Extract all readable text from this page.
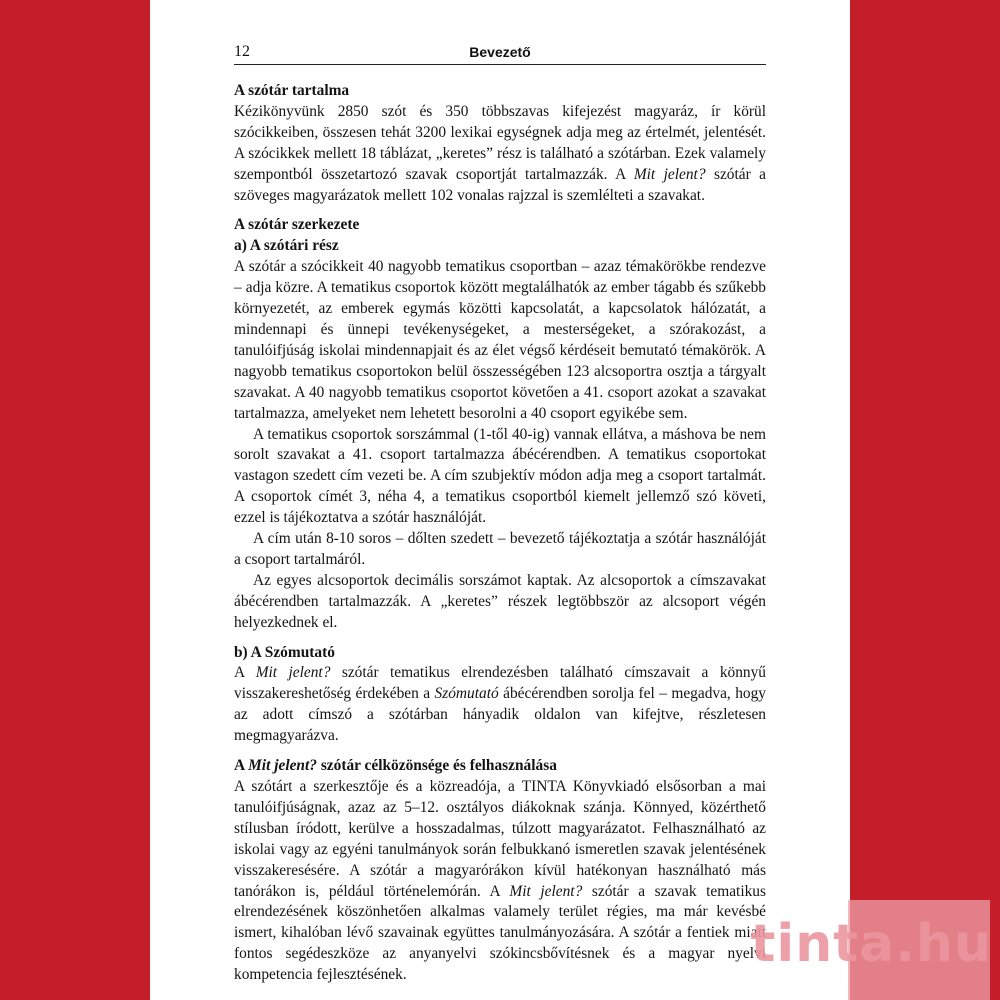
12	Bevezető

A szótár tartalma

Kézikönyvünk 2850 szót és 350 többszavas kifejezést magyaráz, ír körül szócikkeiben, összesen tehát 3200 lexikai egységnek adja meg az értelmét, jelentését. A szócikkek mellett 18 táblázat, „keretes” rész is található a szótárban. Ezek valamely szempontból összetartozó szavak csoportját tartalmazzák. A Mit jelent? szótár a szöveges magyarázatok mellett 102 vonalas rajzzal is szemlélteti a szavakat.

A szótár szerkezete

a) A szótári rész

A szótár a szócikkeit 40 nagyobb tematikus csoportban – azaz témakörökbe rendezve – adja közre. A tematikus csoportok között megtalálhatók az ember tágabb és szűkebb környezetét, az emberek egymás közötti kapcsolatát, a kapcsolatok hálózatát, a mindennapi és ünnepi tevékenységeket, a mesterségeket, a szórakozást, a tanulóifjúság iskolai mindennapjait és az élet végső kérdéseit bemutató témakörök. A nagyobb tematikus csoportokon belül összességében 123 alcsoportra osztja a tárgyalt szavakat. A 40 nagyobb tematikus csoportot követően a 41. csoport azokat a szavakat tartalmazza, amelyeket nem lehetett besorolni a 40 csoport egyikébe sem.

A tematikus csoportok sorszámmal (1-től 40-ig) vannak ellátva, a máshova be nem sorolt szavakat a 41. csoport tartalmazza ábécérendben. A tematikus csoportokat vastagon szedett cím vezeti be. A cím szubjektív módon adja meg a csoport tartalmát. A csoportok címét 3, néha 4, a tematikus csoportból kiemelt jellemző szó követi, ezzel is tájékoztatva a szótár használóját.

A cím után 8-10 soros – dőlten szedett – bevezető tájékoztatja a szótár használóját a csoport tartalmáról.

Az egyes alcsoportok decimális sorszámot kaptak. Az alcsoportok a címszavakat ábécérendben tartalmazzák. A „keretes” részek legtöbbször az alcsoport végén helyezkednek el.

b) A Szómutató

A Mit jelent? szótár tematikus elrendezésben található címszavait a könnyű visszakereshetőség érdekében a Szómutató ábécérendben sorolja fel – megadva, hogy az adott címszó a szótárban hányadik oldalon van kifejtve, részletesen megmagyarázva.

A Mit jelent? szótár célközönsége és felhasználása

A szótárt a szerkesztője és a közreadója, a TINTA Könyvkiadó elsősorban a mai tanulóifjúságnak, azaz az 5–12. osztályos diákoknak szánja. Könnyed, közérthető stílusban íródott, kerülve a hosszadalmas, túlzott magyarázatot. Felhasználható az iskolai vagy az egyéni tanulmányok során felbukkanó ismeretlen szavak jelentésének visszakeresésére. A szótár a magyarórákon kívül hatékonyan használható más tanórákon is, például történelemórán. A Mit jelent? szótár a szavak tematikus elrendezésének köszönhetően alkalmas valamely terület régies, ma már kevésbé ismert, kihalóban lévő szavainak együttes tanulmányozására. A szótár a fentiek miatt fontos segédeszköze az anyanyelvi szókincsbővítésnek és a magyar nyelvi kompetencia fejlesztésének.

tinta.hu
